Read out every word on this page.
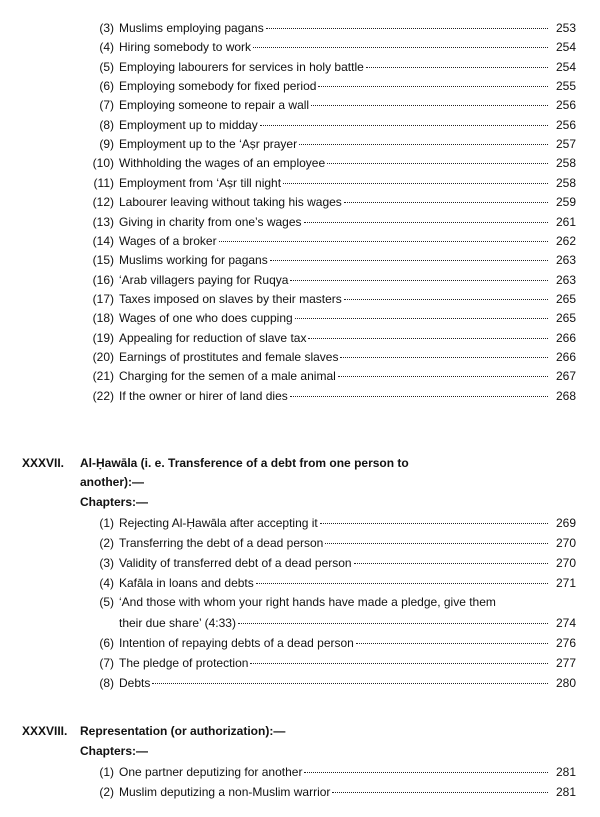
(3) Muslims employing pagans	253
(4) Hiring somebody to work	254
(5) Employing labourers for services in holy battle	254
(6) Employing somebody for fixed period	255
(7) Employing someone to repair a wall	256
(8) Employment up to midday	256
(9) Employment up to the ‘Aṣr prayer	257
(10) Withholding the wages of an employee	258
(11) Employment from ‘Aṣr till night	258
(12) Labourer leaving without taking his wages	259
(13) Giving in charity from one’s wages	261
(14) Wages of a broker	262
(15) Muslims working for pagans	263
(16) ‘Arab villagers paying for Ruqya	263
(17) Taxes imposed on slaves by their masters	265
(18) Wages of one who does cupping	265
(19) Appealing for reduction of slave tax	266
(20) Earnings of prostitutes and female slaves	266
(21) Charging for the semen of a male animal	267
(22) If the owner or hirer of land dies	268
XXXVII. Al-Ḥawāla (i. e. Transference of a debt from one person to
another):—
Chapters:—
(1) Rejecting Al-Ḥawāla after accepting it	269
(2) Transferring the debt of a dead person	270
(3) Validity of transferred debt of a dead person	270
(4) Kafāla in loans and debts	271
(5) ‘And those with whom your right hands have made a pledge, give them
their due share’ (4:33)	274
(6) Intention of repaying debts of a dead person	276
(7) The pledge of protection	277
(8) Debts	280
XXXVIII. Representation (or authorization):—
Chapters:—
(1) One partner deputizing for another	281
(2) Muslim deputizing a non-Muslim warrior	281
